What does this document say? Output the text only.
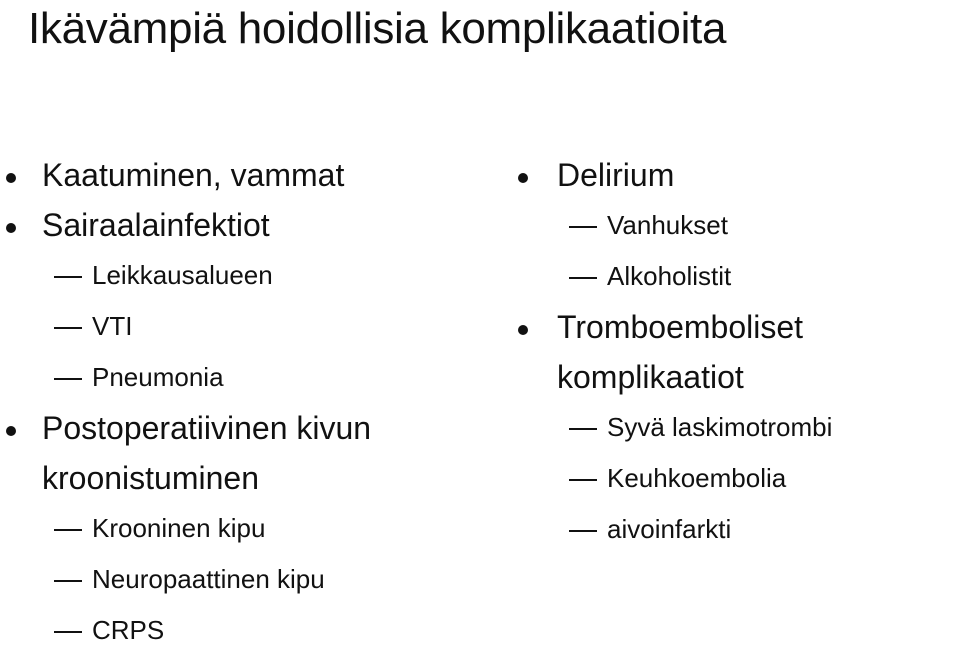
Ikävämpiä hoidollisia komplikaatioita
Kaatuminen, vammat
Sairaalainfektiot
Leikkausalueen
VTI
Pneumonia
Postoperatiivinen kivun
kroonistuminen
Krooninen kipu
Neuropaattinen kipu
CRPS
Delirium
Vanhukset
Alkoholistit
Tromboemboliset
komplikaatiot
Syvä laskimotrombi
Keuhkoembolia
aivoinfarkti
